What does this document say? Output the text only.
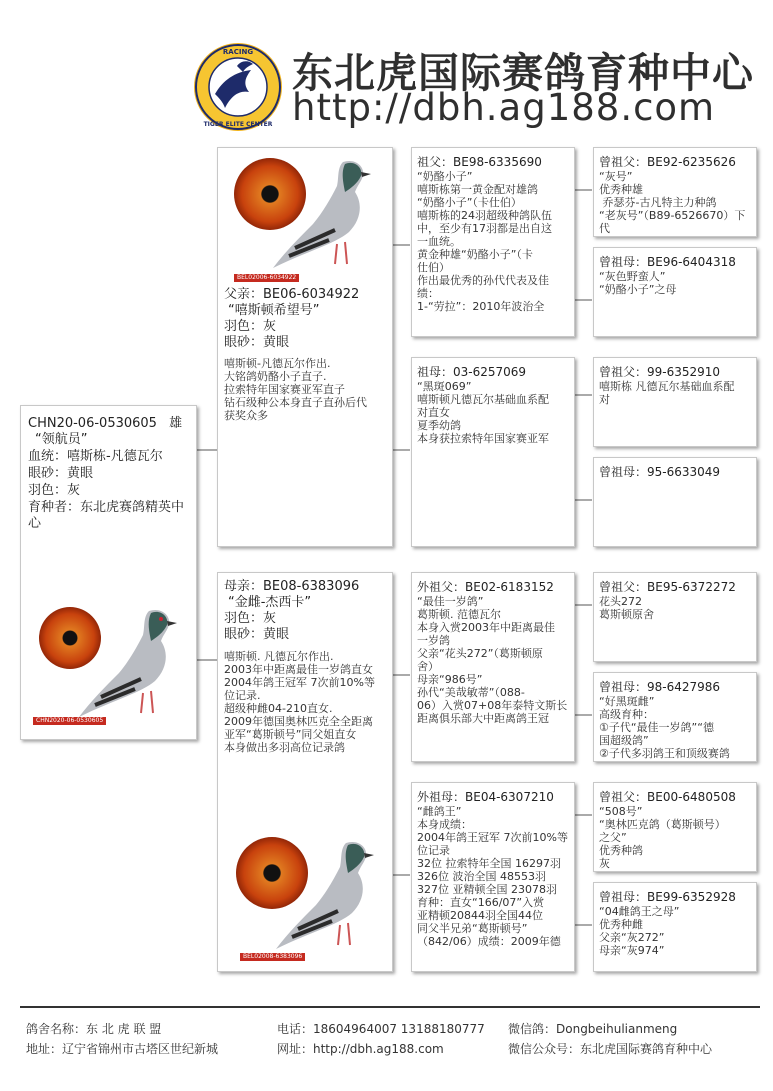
RACING
TIGER ELITE CENTER
东北虎国际赛鸽育种中心
http://dbh.ag188.com
CHN20-06-0530605 雄
“领航员”
血统：嘻斯栋-凡德瓦尔
眼砂：黄眼
羽色：灰
育种者：东北虎赛鸽精英中心
CHN2020-06-0530605
BEL02006-6034922
父亲：BE06-6034922
“嘻斯顿希望号”
羽色：灰
眼砂：黄眼
嘻斯顿-凡德瓦尔作出.
大铭鸽奶酪小子直子.
拉索特年国家赛亚军直子
钻石级种公本身直子直孙后代
获奖众多
母亲：BE08-6383096
“金雌-杰西卡”
羽色：灰
眼砂：黄眼
嘻斯顿. 凡德瓦尔作出.
2003年中距离最佳一岁鸽直女
2004年鸽王冠军 7次前10%等
位记录.
超级种雌04-210直女.
2009年德国奥林匹克全全距离
亚军“葛斯顿号”同父姐直女
本身做出多羽高位记录鸽
BEL02008-6383096
祖父：BE98-6335690
“奶酪小子”
嘻斯栋第一黄金配对雄鸽
“奶酪小子”（卡仕伯）
嘻斯栋的24羽超级种鸽队伍
中，至少有17羽都是出自这
一血统。
黄金种雄“奶酪小子”（卡
仕伯）
作出最优秀的孙代代表及佳
绩：
1-“劳拉”：2010年波治全
祖母：03-6257069
“黑斑069”
嘻斯顿凡德瓦尔基础血系配
对直女
夏季幼鸽
本身获拉索特年国家赛亚军
外祖父：BE02-6183152
“最佳一岁鸽”
葛斯顿. 范德瓦尔
本身入赏2003年中距离最佳
一岁鸽
父亲“花头272”（葛斯顿原
舍）
母亲“986号”
孙代“美哉敏蒂”（088-
06）入赏07+08年泰特文斯长
距离俱乐部大中距离鸽王冠
外祖母：BE04-6307210
“雌鸽王”
本身成绩：
2004年鸽王冠军 7次前10%等
位记录
32位 拉索特年全国 16297羽
326位 波治全国 48553羽
327位 亚精顿全国 23078羽
育种：直女“166/07”入赏
亚精顿20844羽全国44位
同父半兄弟“葛斯顿号”
（842/06）成绩：2009年德
曾祖父：BE92-6235626
“灰号”
优秀种雄
乔瑟芬-古凡特主力种鸽
“老灰号”（B89-6526670）下
代
曾祖母：BE96-6404318
“灰色野蛮人”
“奶酪小子”之母
曾祖父：99-6352910
嘻斯栋 凡德瓦尔基础血系配
对
曾祖母：95-6633049
曾祖父：BE95-6372272
花头272
葛斯顿原舍
曾祖母：98-6427986
“好黑斑雌”
高级育种：
①子代“最佳一岁鸽”“德
国超级鸽”
②子代多羽鸽王和顶级赛鸽
曾祖父：BE00-6480508
“508号”
“奥林匹克鸽（葛斯顿号）
之父”
优秀种鸽
灰
曾祖母：BE99-6352928
“04雌鸽王之母”
优秀种雌
父亲“灰272”
母亲“灰974”
鸽舍名称：东 北 虎 联 盟	电话：18604964007 13188180777 微信鸽：Dongbeihulianmeng
地址：辽宁省锦州市古塔区世纪新城	网址：http://dbh.ag188.com	微信公众号：东北虎国际赛鸽育种中心
